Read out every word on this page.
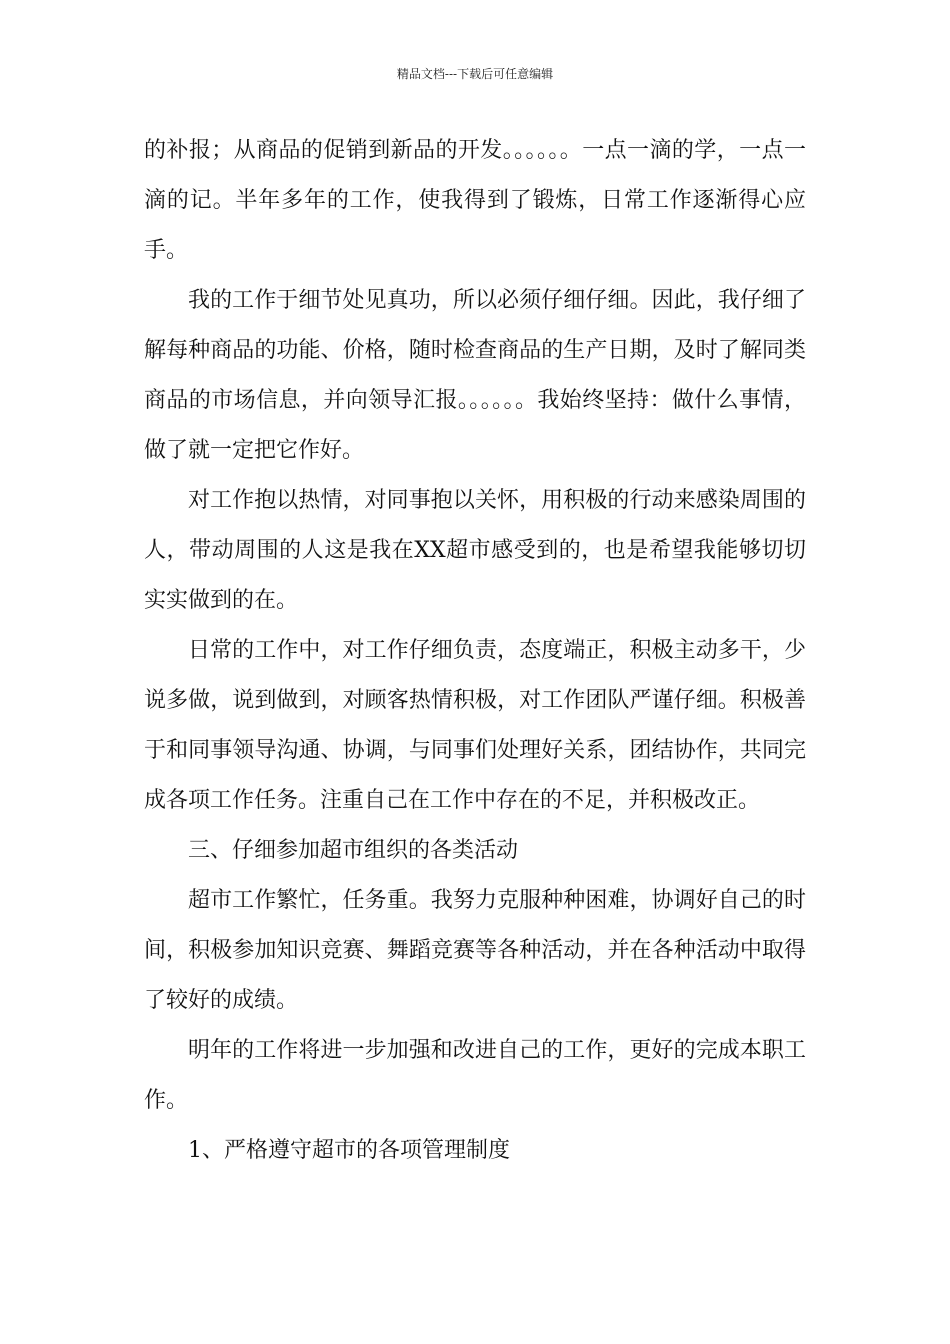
精品文档---下载后可任意编辑

的补报；从商品的促销到新品的开发。。。。。。一点一滴的学，一点一滴的记。半年多年的工作，使我得到了锻炼，日常工作逐渐得心应手。

我的工作于细节处见真功，所以必须仔细仔细。因此，我仔细了解每种商品的功能、价格，随时检查商品的生产日期，及时了解同类商品的市场信息，并向领导汇报。。。。。。我始终坚持：做什么事情，做了就一定把它作好。

对工作抱以热情，对同事抱以关怀，用积极的行动来感染周围的人，带动周围的人这是我在XX超市感受到的，也是希望我能够切切实实做到的在。

日常的工作中，对工作仔细负责，态度端正，积极主动多干，少说多做，说到做到，对顾客热情积极，对工作团队严谨仔细。积极善于和同事领导沟通、协调，与同事们处理好关系，团结协作，共同完成各项工作任务。注重自己在工作中存在的不足，并积极改正。

三、仔细参加超市组织的各类活动

超市工作繁忙，任务重。我努力克服种种困难，协调好自己的时间，积极参加知识竞赛、舞蹈竞赛等各种活动，并在各种活动中取得了较好的成绩。

明年的工作将进一步加强和改进自己的工作，更好的完成本职工作。

1、严格遵守超市的各项管理制度
